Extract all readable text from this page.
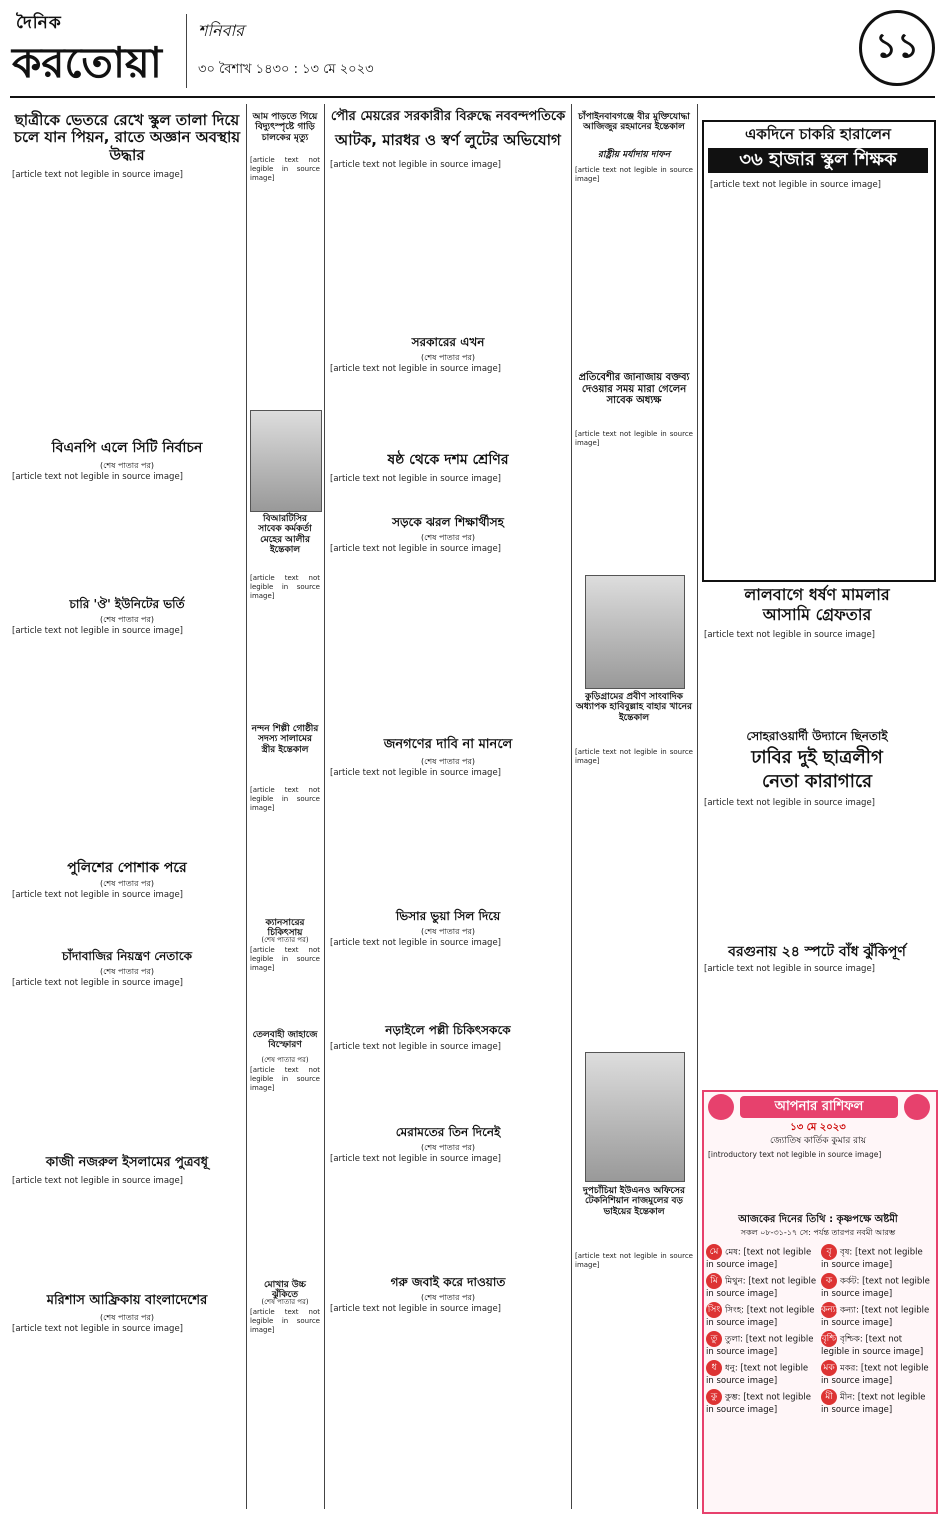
দৈনিক
করতোয়া
শনিবার
৩০ বৈশাখ ১৪৩০ : ১৩ মে ২০২৩
১১
ছাত্রীকে ভেতরে রেখে স্কুল তালা দিয়ে চলে যান পিয়ন, রাতে অজ্ঞান অবস্থায় উদ্ধার
[article text not legible in source image]
বিএনপি এলে সিটি নির্বাচন
(শেষ পাতার পর)
[article text not legible in source image]
চারি 'ঔ' ইউনিটের ভর্তি
(শেষ পাতার পর)
[article text not legible in source image]
পুলিশের পোশাক পরে
(শেষ পাতার পর)
[article text not legible in source image]
চাঁদাবাজির নিয়ন্ত্রণ নেতাকে
(শেষ পাতার পর)
[article text not legible in source image]
কাজী নজরুল ইসলামের পুত্রবধূ
[article text not legible in source image]
মরিশাস আফ্রিকায় বাংলাদেশের
(শেষ পাতার পর)
[article text not legible in source image]
আম পাড়তে গিয়ে বিদ্যুৎস্পৃষ্টে গাড়ি চালকের মৃত্যু
[article text not legible in source image]
বিআরটিসির সাবেক কর্মকর্তা মেহের আলীর ইন্তেকাল
[article text not legible in source image]
নন্দন শিল্পী গোষ্ঠীর সদস্য সালামের স্ত্রীর ইন্তেকাল
[article text not legible in source image]
ক্যানসারের চিকিৎসায়
(শেষ পাতার পর)
[article text not legible in source image]
তেলবাহী জাহাজে বিস্ফোরণ
(শেষ পাতার পর)
[article text not legible in source image]
মোখার উচ্চ ঝুঁকিতে
(শেষ পাতার পর)
[article text not legible in source image]
পৌর মেয়রের সরকারীর বিরুদ্ধে নববন্দপতিকে
আটক, মারধর ও স্বর্ণ লুটের অভিযোগ
[article text not legible in source image]
সরকারের এখন
(শেষ পাতার পর)
[article text not legible in source image]
ষষ্ঠ থেকে দশম শ্রেণির
[article text not legible in source image]
সড়কে ঝরল শিক্ষার্থীসহ
(শেষ পাতার পর)
[article text not legible in source image]
জনগণের দাবি না মানলে
(শেষ পাতার পর)
[article text not legible in source image]
ভিসার ভুয়া সিল দিয়ে
(শেষ পাতার পর)
[article text not legible in source image]
নড়াইলে পল্লী চিকিৎসককে
[article text not legible in source image]
মেরামতের তিন দিনেই
(শেষ পাতার পর)
[article text not legible in source image]
গরু জবাই করে দাওয়াত
(শেষ পাতার পর)
[article text not legible in source image]
চাঁপাইনবাবগঞ্জে বীর মুক্তিযোদ্ধা আজিজুর রহমানের ইন্তেকাল
রাষ্ট্রীয় মর্যাদায় দাফন
[article text not legible in source image]
প্রতিবেশীর জানাজায় বক্তব্য দেওয়ার সময় মারা গেলেন সাবেক অধ্যক্ষ
[article text not legible in source image]
কুড়িগ্রামের প্রবীণ সাংবাদিক অধ্যাপক হাবিবুল্লাহ বাহার খানের ইন্তেকাল
[article text not legible in source image]
দুপচাঁচিয়া ইউএনও অফিসের টেকনিশিয়ান নাজমুলের বড় ভাইয়ের ইন্তেকাল
[article text not legible in source image]
একদিনে চাকরি হারালেন
৩৬ হাজার স্কুল শিক্ষক
[article text not legible in source image]
লালবাগে ধর্ষণ মামলার
আসামি গ্রেফতার
[article text not legible in source image]
সোহরাওয়ার্দী উদ্যানে ছিনতাই
ঢাবির দুই ছাত্রলীগ
নেতা কারাগারে
[article text not legible in source image]
বরগুনায় ২৪ স্পটে বাঁধ ঝুঁকিপূর্ণ
[article text not legible in source image]
আপনার রাশিফল
১৩ মে ২০২৩
জ্যোতিষ কার্তিক কুমার রায়
[introductory text not legible in source image]
আজকের দিনের তিথি : কৃষ্ণপক্ষে অষ্টমী
সকল ০৮-৩১-১৭ সে: পর্যন্ত তারপর নবমী আরম্ভ
মে মেষ: [text not legible in source image]
বৃ বৃষ: [text not legible in source image]
মি মিথুন: [text not legible in source image]
ক কর্কট: [text not legible in source image]
সিং সিংহ: [text not legible in source image]
কন্যা কন্যা: [text not legible in source image]
তু তুলা: [text not legible in source image]
বৃশ্চি বৃশ্চিক: [text not legible in source image]
ধ ধনু: [text not legible in source image]
মক মকর: [text not legible in source image]
কু কুম্ভ: [text not legible in source image]
মী মীন: [text not legible in source image]
